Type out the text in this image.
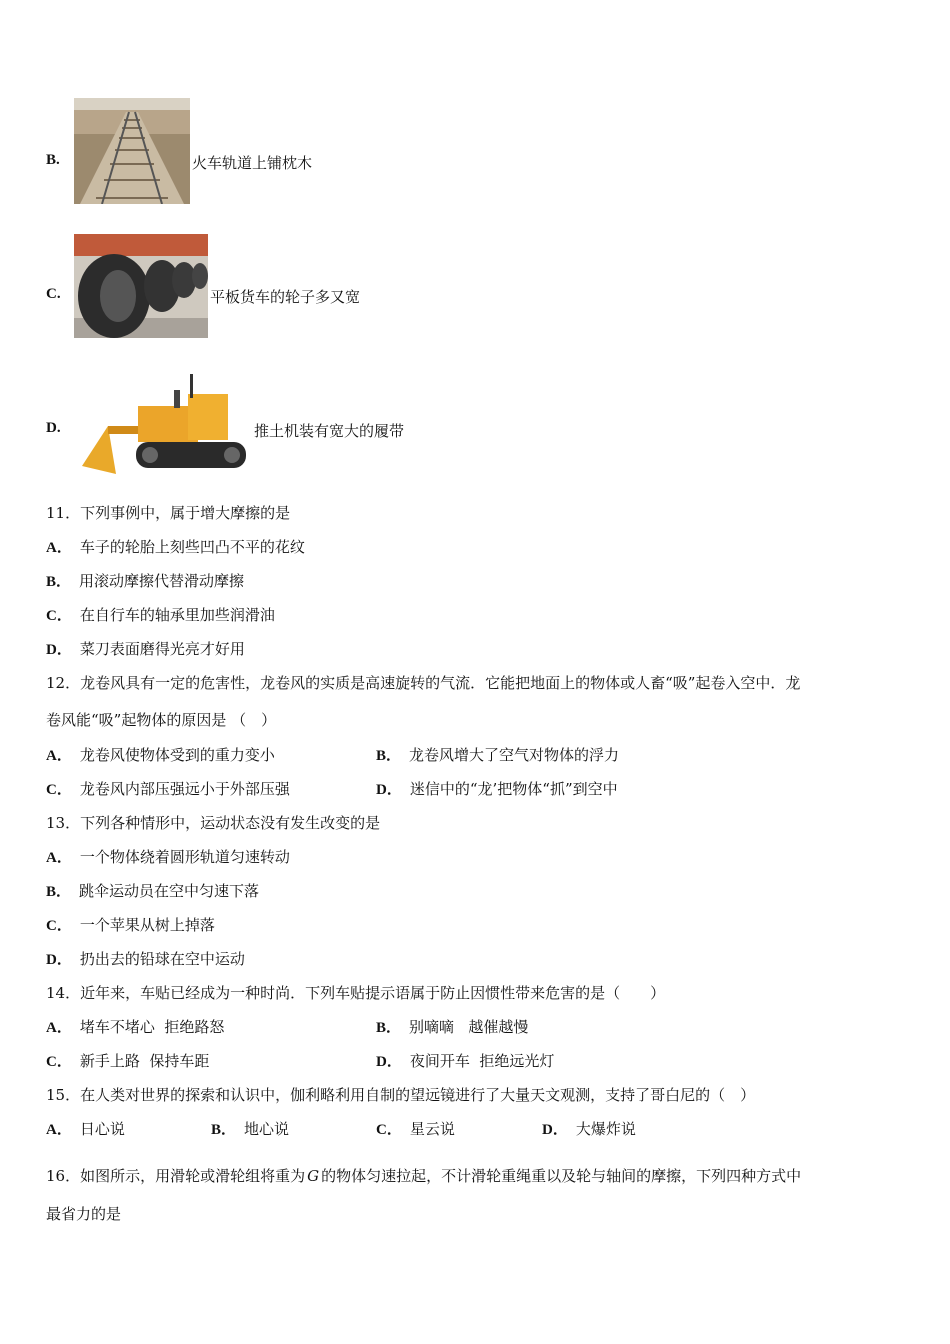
B.	火车轨道上铺枕木
C.	平板货车的轮子多又宽
D.	推土机装有宽大的履带
11．下列事例中，属于增大摩擦的是
A． 车子的轮胎上刻些凹凸不平的花纹
B． 用滚动摩擦代替滑动摩擦
C． 在自行车的轴承里加些润滑油
D． 菜刀表面磨得光亮才好用
12．龙卷风具有一定的危害性，龙卷风的实质是高速旋转的气流．它能把地面上的物体或人畜“吸”起卷入空中．龙
卷风能“吸”起物体的原因是 （　）
A． 龙卷风使物体受到的重力变小	B． 龙卷风增大了空气对物体的浮力
C． 龙卷风内部压强远小于外部压强	D． 迷信中的“龙’把物体“抓”到空中
13．下列各种情形中，运动状态没有发生改变的是
A． 一个物体绕着圆形轨道匀速转动
B． 跳伞运动员在空中匀速下落
C． 一个苹果从树上掉落
D． 扔出去的铅球在空中运动
14．近年来，车贴已经成为一种时尚．下列车贴提示语属于防止因惯性带来危害的是（　　）
A． 堵车不堵心  拒绝路怒	B． 别嘀嘀   越催越慢
C． 新手上路  保持车距	D． 夜间开车  拒绝远光灯
15．在人类对世界的探索和认识中，伽利略利用自制的望远镜进行了大量天文观测，支持了哥白尼的（　）
A． 日心说	B． 地心说	C． 星云说	D． 大爆炸说
16．如图所示，用滑轮或滑轮组将重为 G 的物体匀速拉起，不计滑轮重绳重以及轮与轴间的摩擦，下列四种方式中
最省力的是
